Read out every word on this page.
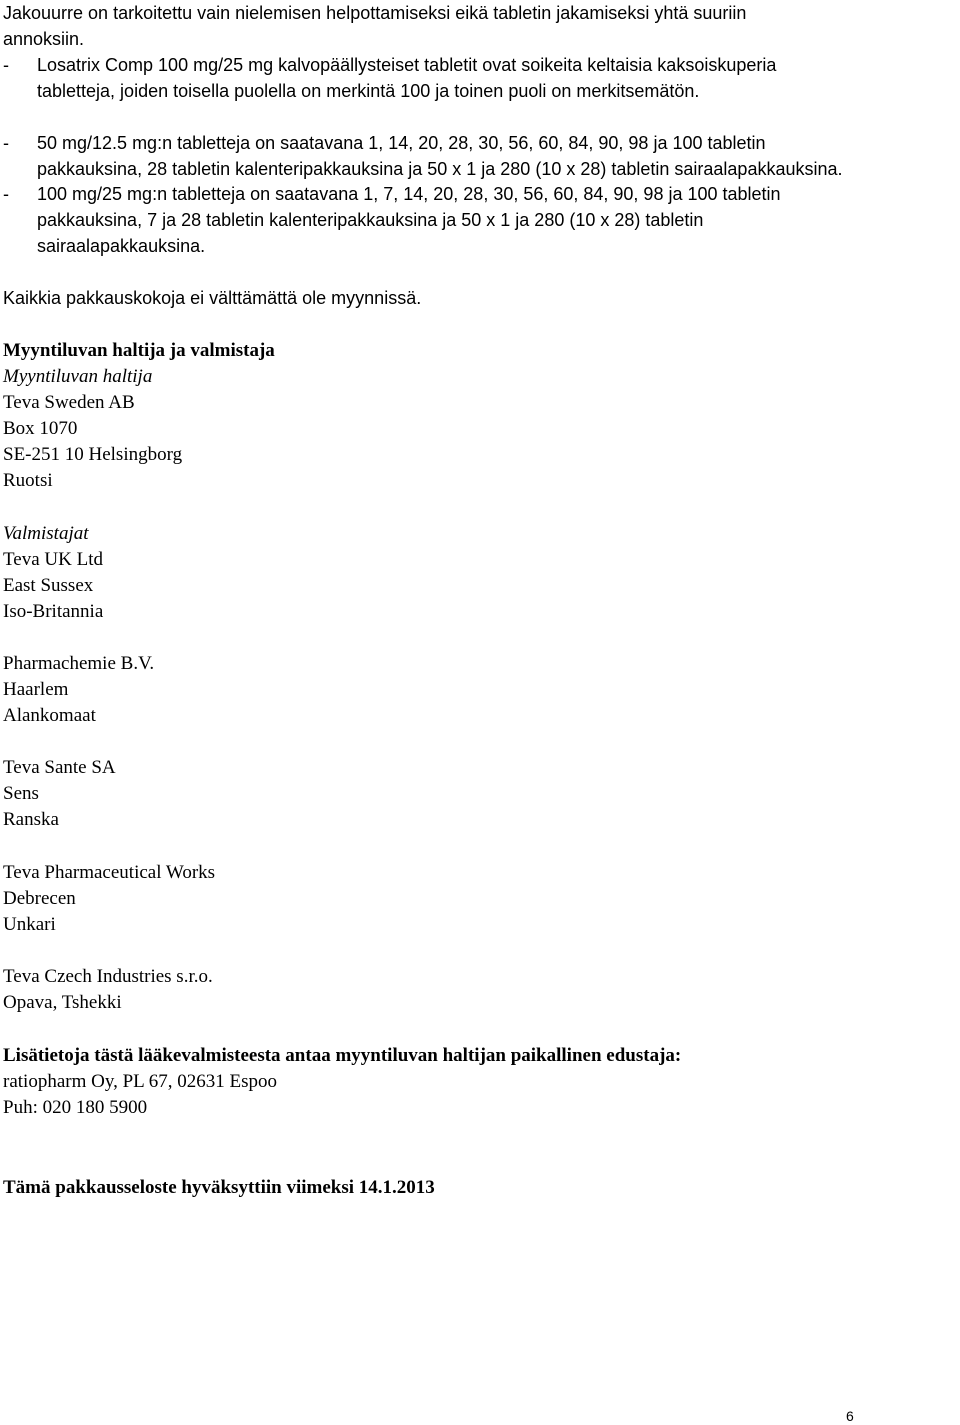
Jakouurre on tarkoitettu vain nielemisen helpottamiseksi eikä tabletin jakamiseksi yhtä suuriin
annoksiin.
- Losatrix Comp 100 mg/25 mg kalvopäällysteiset tabletit ovat soikeita keltaisia kaksoiskuperia
tabletteja, joiden toisella puolella on merkintä 100 ja toinen puoli on merkitsemätön.
- 50 mg/12.5 mg:n tabletteja on saatavana 1, 14, 20, 28, 30, 56, 60, 84, 90, 98 ja 100 tabletin
pakkauksina, 28 tabletin kalenteripakkauksina ja 50 x 1 ja 280 (10 x 28) tabletin sairaalapakkauksina.
- 100 mg/25 mg:n tabletteja on saatavana 1, 7, 14, 20, 28, 30, 56, 60, 84, 90, 98 ja 100 tabletin
pakkauksina, 7 ja 28 tabletin kalenteripakkauksina ja 50 x 1 ja 280 (10 x 28) tabletin
sairaalapakkauksina.
Kaikkia pakkauskokoja ei välttämättä ole myynnissä.
Myyntiluvan haltija ja valmistaja
Myyntiluvan haltija
Teva Sweden AB
Box 1070
SE-251 10 Helsingborg
Ruotsi
Valmistajat
Teva UK Ltd
East Sussex
Iso-Britannia
Pharmachemie B.V.
Haarlem
Alankomaat
Teva Sante SA
Sens
Ranska
Teva Pharmaceutical Works
Debrecen
Unkari
Teva Czech Industries s.r.o.
Opava, Tshekki
Lisätietoja tästä lääkevalmisteesta antaa myyntiluvan haltijan paikallinen edustaja:
ratiopharm Oy, PL 67, 02631 Espoo
Puh: 020 180 5900
Tämä pakkausseloste hyväksyttiin viimeksi 14.1.2013
6
